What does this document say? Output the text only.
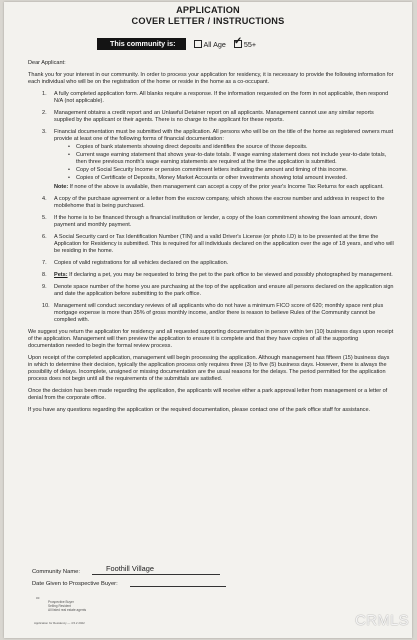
APPLICATION
COVER LETTER / INSTRUCTIONS
This community is:	All Age
✓	55+

Dear Applicant:

Thank you for your interest in our community. In order to process your application for residency, it is necessary to provide the following information for each individual who will be on the registration of the home or reside in the home as a co-occupant.

1. A fully completed application form. All blanks require a response. If the information requested on the form in not applicable, then respond N/A (not applicable).
2. Management obtains a credit report and an Unlawful Detainer report on all applicants. Management cannot use any similar reports supplied by the applicant or their agents. There is no charge to the applicant for these reports.
3. Financial documentation must be submitted with the application. All persons who will be on the title of the home as registered owners must provide at least one of the following forms of financial documentation:
• Copies of bank statements showing direct deposits and identifies the source of those deposits.
• Current wage earning statement that shows year-to-date totals. If wage earning statement does not include year-to-date totals, then three previous month's wage earning statements are required at the time the application is submitted.
• Copy of Social Security Income or pension commitment letters indicating the amount and timing of this income.
• Copies of Certificate of Deposits, Money Market Accounts or other investments showing total amount invested.
Note: If none of the above is available, then management can accept a copy of the prior year's Income Tax Returns for each applicant.
4. A copy of the purchase agreement or a letter from the escrow company, which shows the escrow number and address in respect to the mobilehome that is being purchased.
5. If the home is to be financed through a financial institution or lender, a copy of the loan commitment showing the loan amount, down payment and monthly payment.
6. A Social Security card or Tax Identification Number (TIN) and a valid Driver's License (or photo I.D) is to be presented at the time the Application for Residency is submitted. This is required for all individuals declared on the application over the age of 18 years, and who will be residing in the home.
7. Copies of valid registrations for all vehicles declared on the application.
8. Pets: If declaring a pet, you may be requested to bring the pet to the park office to be viewed and possibly photographed by management.
9. Denote space number of the home you are purchasing at the top of the application and ensure all persons declared on the application sign and date the application before submitting to the park office.
10. Management will conduct secondary reviews of all applicants who do not have a minimum FICO score of 620; monthly space rent plus mortgage expense is more than 35% of gross monthly income, and/or there is reason to believe Rules of the Community cannot be complied with.

We suggest you return the application for residency and all requested supporting documentation in person within ten (10) business days upon receipt of the application. Management will then preview the application to ensure it is complete and that they have copies of all the supporting documentation needed to begin the formal review process.

Upon receipt of the completed application, management will begin processing the application. Although management has fifteen (15) business days in which to determine their decision, typically the application process only requires three (3) to five (5) business days. However, there is always the possibility of delays. Incomplete, unsigned or missing documentation are the usual reasons for the delays. The period permitted for the application process does not begin until all the requirements of the submittals are satisfied.

Once the decision has been made regarding the application, the applicants will receive either a park approval letter from management or a letter of denial from the corporate office.

If you have any questions regarding the application or the required documentation, please contact one of the park office staff for assistance.

Community Name:	Foothill Village
Date Given to Prospective Buyer:
cc:
Prospective Buyer
Selling Resident
All listed real estate agents
Application for Residency — 4.5.2 2022	CRMLS
